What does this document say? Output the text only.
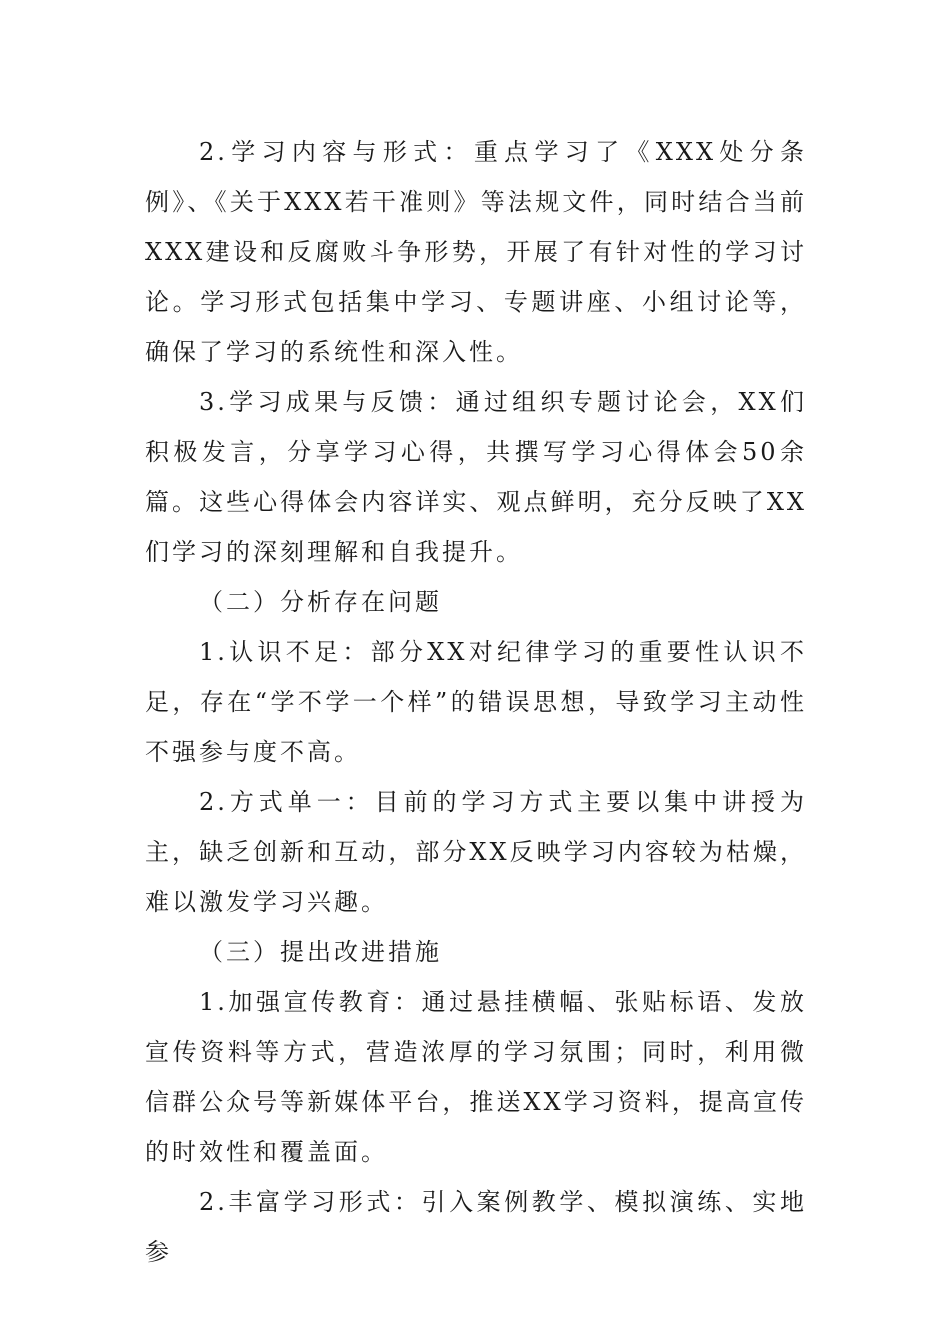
2.学习内容与形式：重点学习了《XXX处分条例》、《关于XXX若干准则》等法规文件，同时结合当前XXX建设和反腐败斗争形势，开展了有针对性的学习讨论。学习形式包括集中学习、专题讲座、小组讨论等，确保了学习的系统性和深入性。

3.学习成果与反馈：通过组织专题讨论会，XX们积极发言，分享学习心得，共撰写学习心得体会50余篇。这些心得体会内容详实、观点鲜明，充分反映了XX们学习的深刻理解和自我提升。

（二）分析存在问题

1.认识不足：部分XX对纪律学习的重要性认识不足，存在“学不学一个样”的错误思想，导致学习主动性不强参与度不高。

2.方式单一：目前的学习方式主要以集中讲授为主，缺乏创新和互动，部分XX反映学习内容较为枯燥，难以激发学习兴趣。

（三）提出改进措施

1.加强宣传教育：通过悬挂横幅、张贴标语、发放宣传资料等方式，营造浓厚的学习氛围；同时，利用微信群公众号等新媒体平台，推送XX学习资料，提高宣传的时效性和覆盖面。

2.丰富学习形式：引入案例教学、模拟演练、实地参
